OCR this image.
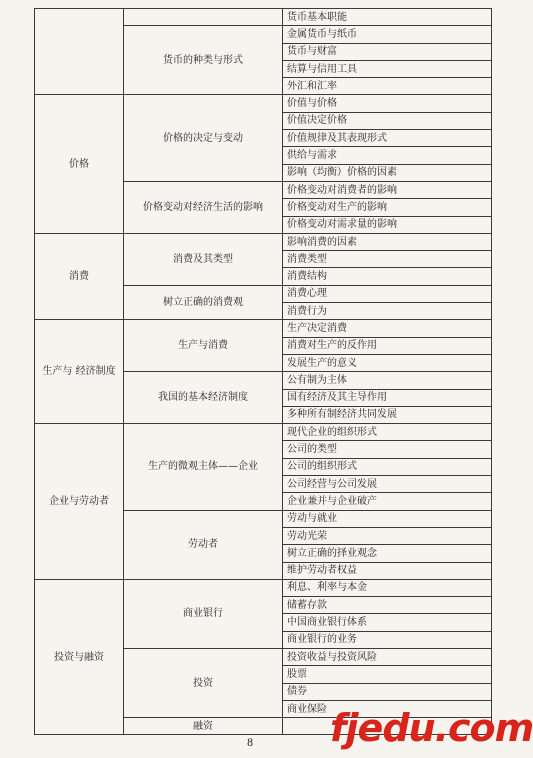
		货币基本职能
	货币的种类与形式	金属货币与纸币
		货币与财富
		结算与信用工具
		外汇和汇率
价格	价格的决定与变动	价值与价格
		价值决定价格
		价值规律及其表现形式
		供给与需求
		影响（均衡）价格的因素
	价格变动对经济生活的影响	价格变动对消费者的影响
		价格变动对生产的影响
		价格变动对需求量的影响
消费	消费及其类型	影响消费的因素
		消费类型
		消费结构
	树立正确的消费观	消费心理
		消费行为
生产与 经济制度	生产与消费	生产决定消费
		消费对生产的反作用
		发展生产的意义
	我国的基本经济制度	公有制为主体
		国有经济及其主导作用
		多种所有制经济共同发展
企业与劳动者	生产的微观主体——企业	现代企业的组织形式
		公司的类型
		公司的组织形式
		公司经营与公司发展
		企业兼并与企业破产
	劳动者	劳动与就业
		劳动光荣
		树立正确的择业观念
		维护劳动者权益
投资与融资	商业银行	利息、利率与本金
		储蓄存款
		中国商业银行体系
		商业银行的业务
	投资	投资收益与投资风险
		股票
		债券
		商业保险
	融资	
8	fjedu.com
